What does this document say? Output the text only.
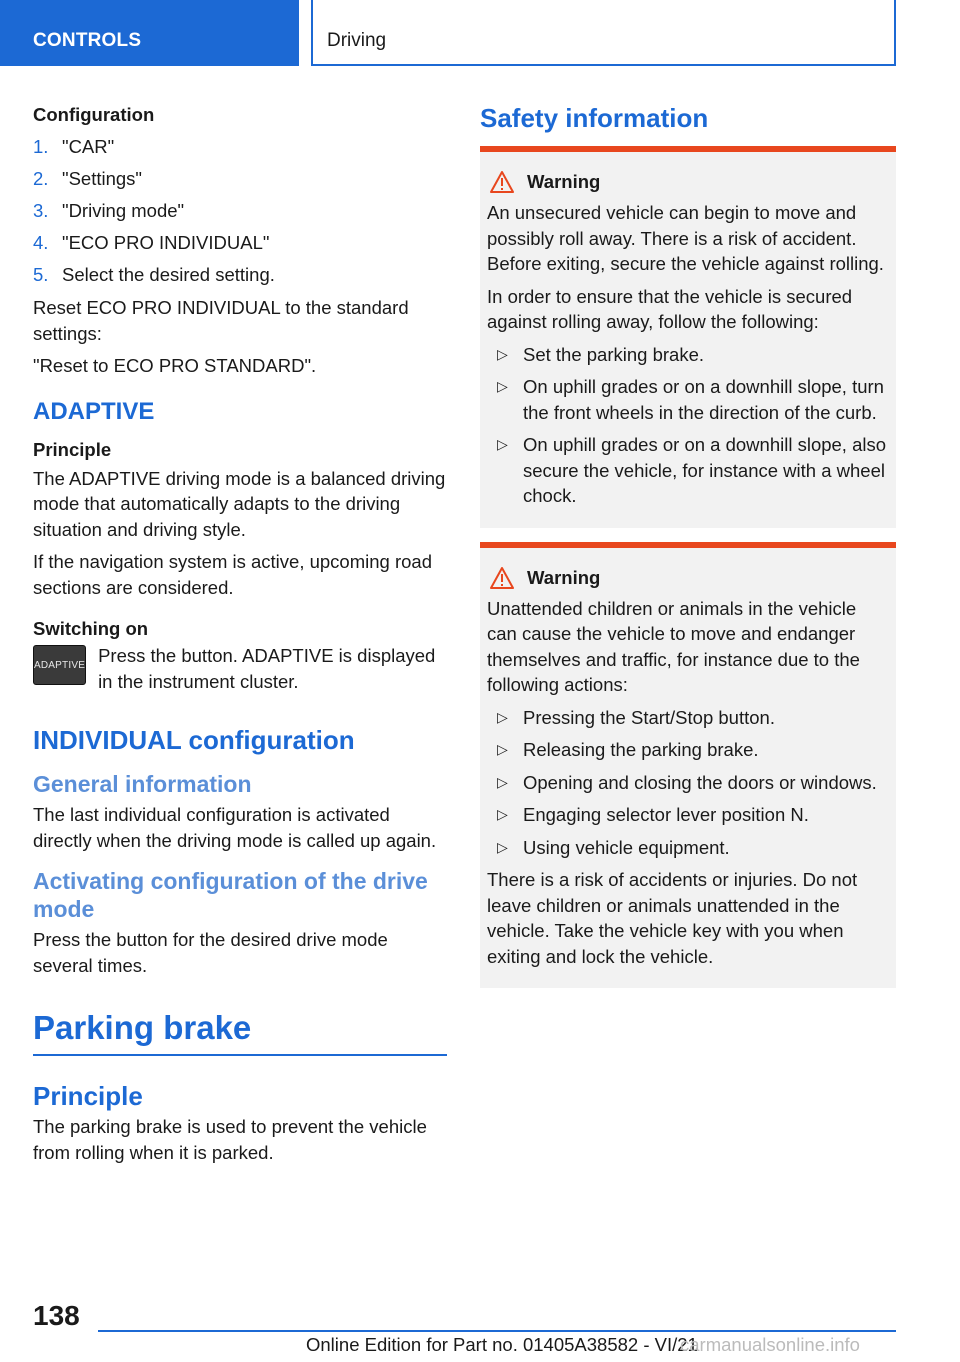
CONTROLS	Driving
Configuration
1. "CAR"
2. "Settings"
3. "Driving mode"
4. "ECO PRO INDIVIDUAL"
5. Select the desired setting.
Reset ECO PRO INDIVIDUAL to the standard settings:
"Reset to ECO PRO STANDARD".
ADAPTIVE
Principle
The ADAPTIVE driving mode is a balanced driving mode that automatically adapts to the driving situation and driving style.
If the navigation system is active, upcoming road sections are considered.
Switching on
ADAPTIVE Press the button. ADAPTIVE is displayed in the instrument cluster.
INDIVIDUAL configuration
General information
The last individual configuration is activated directly when the driving mode is called up again.
Activating configuration of the drive mode
Press the button for the desired drive mode several times.
Parking brake
Principle
The parking brake is used to prevent the vehicle from rolling when it is parked.
Safety information
Warning
An unsecured vehicle can begin to move and possibly roll away. There is a risk of accident. Before exiting, secure the vehicle against rolling.
In order to ensure that the vehicle is secured against rolling away, follow the following:
▷ Set the parking brake.
▷ On uphill grades or on a downhill slope, turn the front wheels in the direction of the curb.
▷ On uphill grades or on a downhill slope, also secure the vehicle, for instance with a wheel chock.
Warning
Unattended children or animals in the vehicle can cause the vehicle to move and endanger themselves and traffic, for instance due to the following actions:
▷ Pressing the Start/Stop button.
▷ Releasing the parking brake.
▷ Opening and closing the doors or windows.
▷ Engaging selector lever position N.
▷ Using vehicle equipment.
There is a risk of accidents or injuries. Do not leave children or animals unattended in the vehicle. Take the vehicle key with you when exiting and lock the vehicle.
138
Online Edition for Part no. 01405A38582 - VI/21
carmanualsonline.info
